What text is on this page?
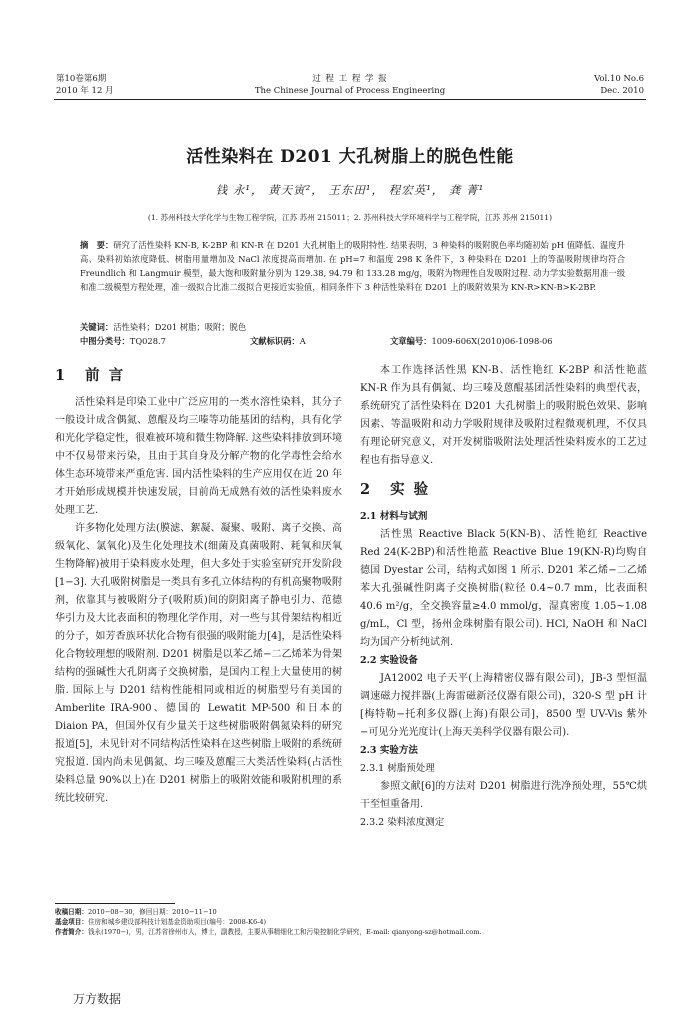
第10卷第6期
2010 年 12 月
过 程 工 程 学 报
The Chinese Journal of Process Engineering
Vol.10 No.6
Dec. 2010
活性染料在 D201 大孔树脂上的脱色性能
钱 永¹， 黄天寅²， 王东田¹， 程宏英¹， 龚 菁¹
(1. 苏州科技大学化学与生物工程学院，江苏 苏州 215011；2. 苏州科技大学环境科学与工程学院，江苏 苏州 215011)
摘　要：研究了活性染料 KN-B, K-2BP 和 KN-R 在 D201 大孔树脂上的吸附特性. 结果表明，3 种染料的吸附脱色率均随初始 pH 值降低、温度升高、染料初始浓度降低、树脂用量增加及 NaCl 浓度提高而增加. 在 pH=7 和温度 298 K 条件下，3 种染料在 D201 上的等温吸附规律均符合 Freundlich 和 Langmuir 模型，最大饱和吸附量分别为 129.38, 94.79 和 133.28 mg/g，吸附为物理性自发吸附过程. 动力学实验数据用准一级和准二级模型方程处理，准一级拟合比准二级拟合更接近实验值，相同条件下 3 种活性染料在 D201 上的吸附效果为 KN-R>KN-B>K-2BP.
关键词：活性染料；D201 树脂；吸附；脱色
中图分类号：TQ028.7	文献标识码：A	文章编号：1009-606X(2010)06-1098-06
1 前 言

活性染料是印染工业中广泛应用的一类水溶性染料，其分子一般设计成含偶氮、蒽醌及均三嗪等功能基团的结构，具有化学和光化学稳定性，很难被环境和微生物降解. 这些染料排放到环境中不仅易带来污染，且由于其自身及分解产物的化学毒性会给水体生态环境带来严重危害. 国内活性染料的生产应用仅在近 20 年才开始形成规模并快速发展，目前尚无成熟有效的活性染料废水处理工艺.

许多物化处理方法(膜滤、絮凝、凝聚、吸附、离子交换、高级氧化、氯氧化)及生化处理技术(细菌及真菌吸附、耗氧和厌氧生物降解)被用于染料废水处理，但大多处于实验室研究开发阶段[1−3]. 大孔吸附树脂是一类具有多孔立体结构的有机高聚物吸附剂，依靠其与被吸附分子(吸附质)间的阴阳离子静电引力、范德华引力及大比表面积的物理化学作用，对一些与其骨架结构相近的分子，如芳香族环状化合物有很强的吸附能力[4]，是活性染料化合物较理想的吸附剂. D201 树脂是以苯乙烯−二乙烯苯为骨架结构的强碱性大孔阴离子交换树脂，是国内工程上大量使用的树脂. 国际上与 D201 结构性能相同或相近的树脂型号有美国的 Amberlite IRA-900、德国的 Lewatit MP-500 和日本的 Diaion PA，但国外仅有少量关于这些树脂吸附偶氮染料的研究报道[5]，未见针对不同结构活性染料在这些树脂上吸附的系统研究报道. 国内尚未见偶氮、均三嗪及蒽醌三大类活性染料(占活性染料总量 90%以上)在 D201 树脂上的吸附效能和吸附机理的系统比较研究.

本工作选择活性黑 KN-B、活性艳红 K-2BP 和活性艳蓝 KN-R 作为具有偶氮、均三嗪及蒽醌基团活性染料的典型代表，系统研究了活性染料在 D201 大孔树脂上的吸附脱色效果、影响因素、等温吸附和动力学吸附规律及吸附过程微观机理，不仅具有理论研究意义，对开发树脂吸附法处理活性染料废水的工艺过程也有指导意义.

2 实 验
2.1 材料与试剂

活性黑 Reactive Black 5(KN-B)、活性艳红 Reactive Red 24(K-2BP)和活性艳蓝 Reactive Blue 19(KN-R)均购自德国 Dyestar 公司，结构式如图 1 所示. D201 苯乙烯−二乙烯苯大孔强碱性阴离子交换树脂(粒径 0.4~0.7 mm，比表面积 40.6 m²/g，全交换容量≥4.0 mmol/g，湿真密度 1.05~1.08 g/mL，Cl 型，扬州金珠树脂有限公司). HCl, NaOH 和 NaCl 均为国产分析纯试剂.

2.2 实验设备

JA12002 电子天平(上海精密仪器有限公司)，JB-3 型恒温调速磁力搅拌器(上海雷磁新泾仪器有限公司)，320-S 型 pH 计[梅特勒−托利多仪器(上海)有限公司]，8500 型 UV-Vis 紫外−可见分光光度计(上海天美科学仪器有限公司).

2.3 实验方法
2.3.1 树脂预处理

参照文献[6]的方法对 D201 树脂进行洗净预处理，55℃烘干至恒重备用.

2.3.2 染料浓度测定
收稿日期：2010−08−30，修回日期：2010−11−10
基金项目：住房和城乡建设部科技计划基金资助项目(编号：2008-K6-4)
作者简介：钱永(1970−)，男，江苏省徐州市人，博士，副教授，主要从事精细化工和污染控制化学研究，E-mail: qianyong-sz@hotmail.com.
万方数据
